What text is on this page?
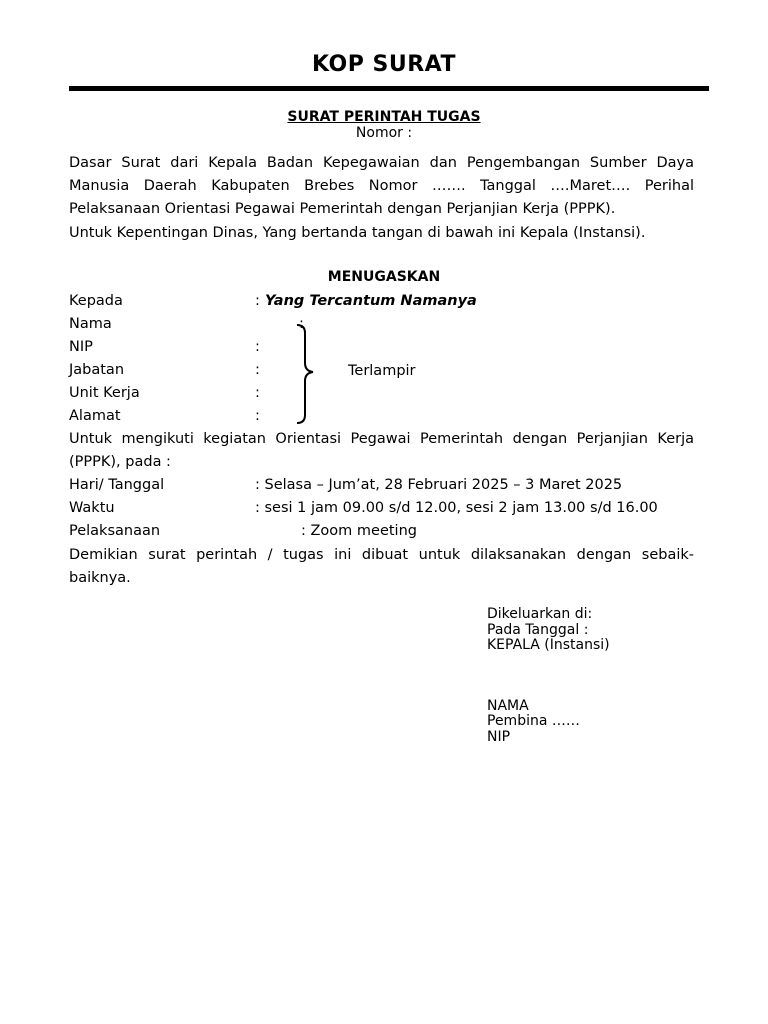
KOP SURAT
SURAT PERINTAH TUGAS
Nomor :

Dasar Surat dari Kepala Badan Kepegawaian dan Pengembangan Sumber Daya Manusia Daerah Kabupaten Brebes Nomor ……. Tanggal ….Maret…. Perihal Pelaksanaan Orientasi Pegawai Pemerintah dengan Perjanjian Kerja (PPPK).

Untuk Kepentingan Dinas, Yang bertanda tangan di bawah ini Kepala (Instansi).

MENUGASKAN
Kepada	: Yang Tercantum Namanya
Nama	:
NIP	:
Jabatan	:
Unit Kerja	:
Alamat	:
Terlampir

Untuk mengikuti kegiatan Orientasi Pegawai Pemerintah dengan Perjanjian Kerja (PPPK), pada :

Hari/ Tanggal	: Selasa – Jum’at, 28 Februari 2025 – 3 Maret 2025
Waktu	: sesi 1 jam 09.00 s/d 12.00, sesi 2 jam 13.00 s/d 16.00
Pelaksanaan	: Zoom meeting

Demikian surat perintah / tugas ini dibuat untuk dilaksanakan dengan sebaik-baiknya.

Dikeluarkan di:
Pada Tanggal :
KEPALA (Instansi)
NAMA
Pembina ……
NIP
